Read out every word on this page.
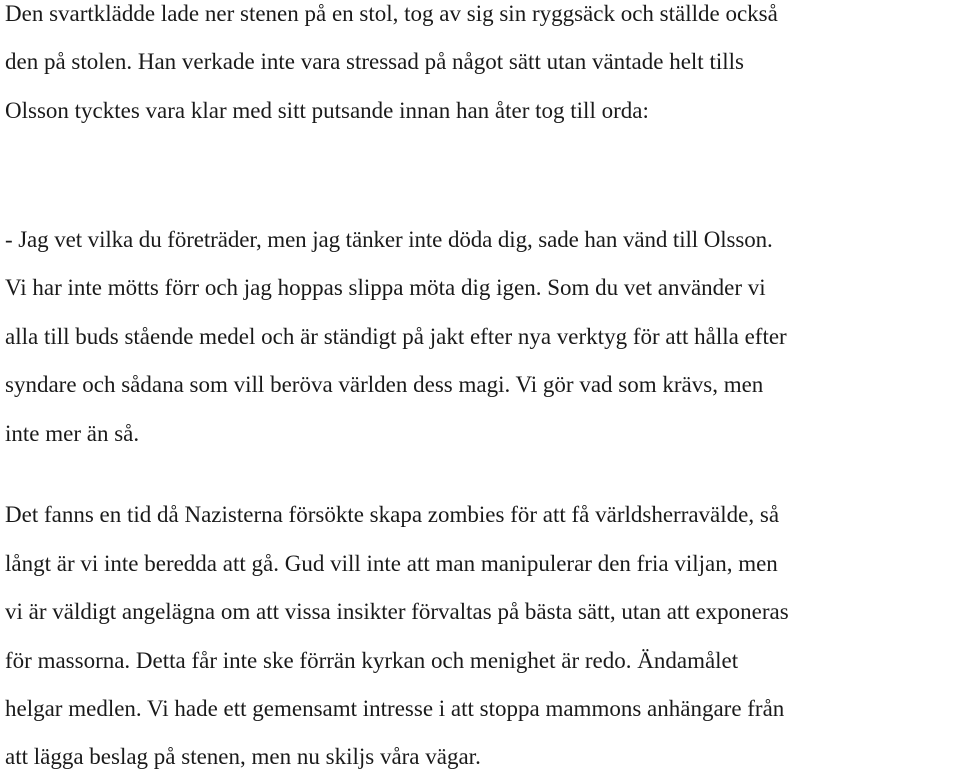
Den svartklädde lade ner stenen på en stol, tog av sig sin ryggsäck och ställde också
den på stolen. Han verkade inte vara stressad på något sätt utan väntade helt tills
Olsson tycktes vara klar med sitt putsande innan han åter tog till orda:
- Jag vet vilka du företräder, men jag tänker inte döda dig, sade han vänd till Olsson.
Vi har inte mötts förr och jag hoppas slippa möta dig igen. Som du vet använder vi
alla till buds stående medel och är ständigt på jakt efter nya verktyg för att hålla efter
syndare och sådana som vill beröva världen dess magi. Vi gör vad som krävs, men
inte mer än så.
Det fanns en tid då Nazisterna försökte skapa zombies för att få världsherravälde, så
långt är vi inte beredda att gå. Gud vill inte att man manipulerar den fria viljan, men
vi är väldigt angelägna om att vissa insikter förvaltas på bästa sätt, utan att exponeras
för massorna. Detta får inte ske förrän kyrkan och menighet är redo. Ändamålet
helgar medlen. Vi hade ett gemensamt intresse i att stoppa mammons anhängare från
att lägga beslag på stenen, men nu skiljs våra vägar.
